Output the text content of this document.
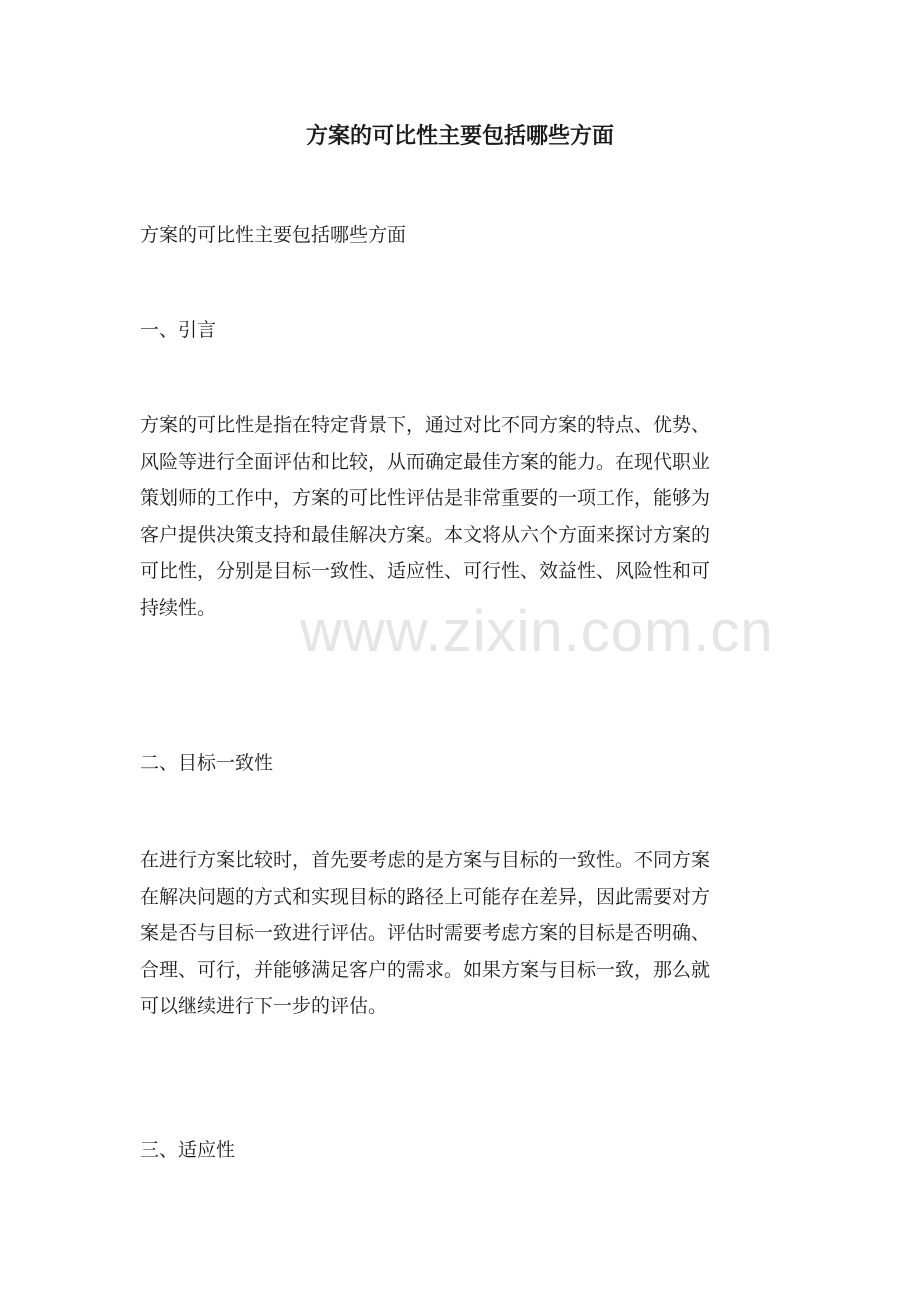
方案的可比性主要包括哪些方面

方案的可比性主要包括哪些方面

一、引言

方案的可比性是指在特定背景下，通过对比不同方案的特点、优势、
风险等进行全面评估和比较，从而确定最佳方案的能力。在现代职业
策划师的工作中，方案的可比性评估是非常重要的一项工作，能够为
客户提供决策支持和最佳解决方案。本文将从六个方面来探讨方案的
可比性，分别是目标一致性、适应性、可行性、效益性、风险性和可
持续性。

二、目标一致性

在进行方案比较时，首先要考虑的是方案与目标的一致性。不同方案
在解决问题的方式和实现目标的路径上可能存在差异，因此需要对方
案是否与目标一致进行评估。评估时需要考虑方案的目标是否明确、
合理、可行，并能够满足客户的需求。如果方案与目标一致，那么就
可以继续进行下一步的评估。

三、适应性

www.zixin.com.cn
